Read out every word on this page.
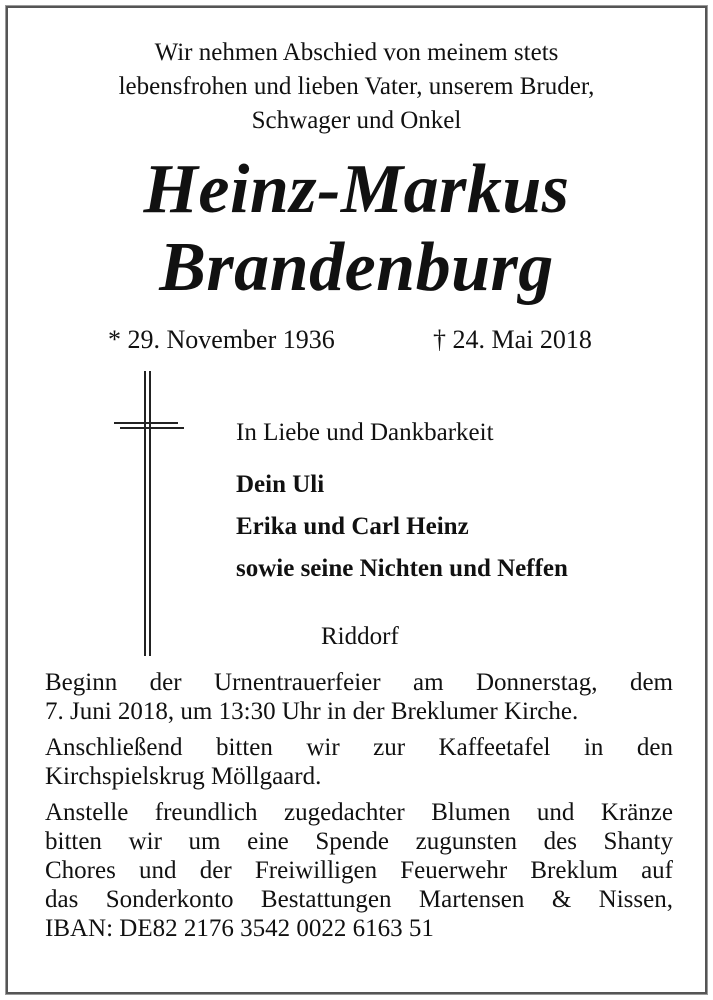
Wir nehmen Abschied von meinem stets
lebensfrohen und lieben Vater, unserem Bruder,
Schwager und Onkel
Heinz-Markus
Brandenburg
* 29. November 1936	† 24. Mai 2018
In Liebe und Dankbarkeit
Dein Uli
Erika und Carl Heinz
sowie seine Nichten und Neffen
Riddorf

Beginn der Urnentrauerfeier am Donnerstag, dem
7. Juni 2018, um 13:30 Uhr in der Breklumer Kirche.

Anschließend bitten wir zur Kaffeetafel in den
Kirchspielskrug Möllgaard.

Anstelle freundlich zugedachter Blumen und Kränze
bitten wir um eine Spende zugunsten des Shanty
Chores und der Freiwilligen Feuerwehr Breklum auf
das Sonderkonto Bestattungen Martensen & Nissen,
IBAN: DE82 2176 3542 0022 6163 51
